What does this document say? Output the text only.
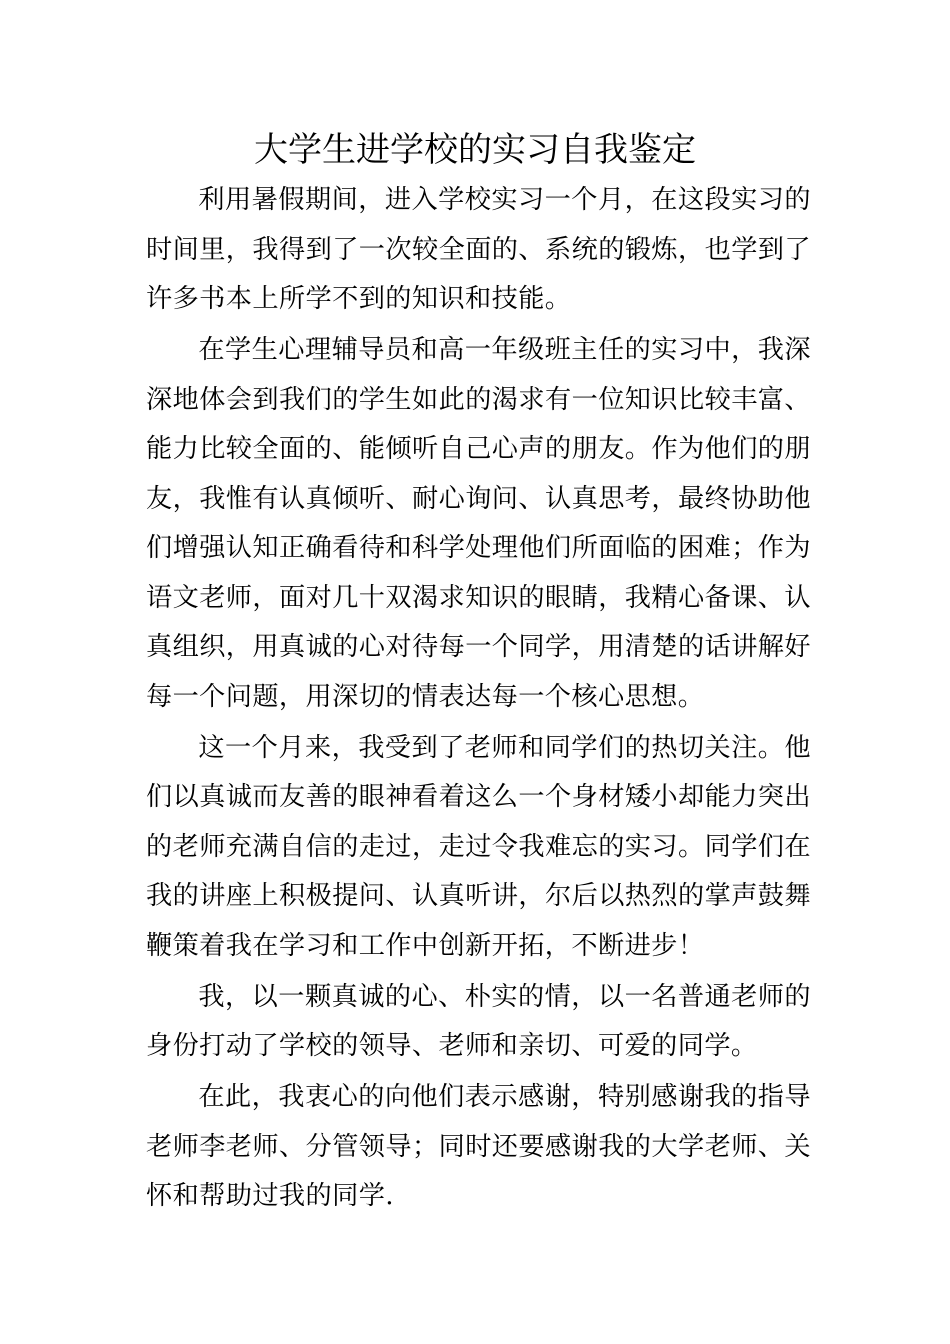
大学生进学校的实习自我鉴定

利用暑假期间，进入学校实习一个月，在这段实习的时间里，我得到了一次较全面的、系统的锻炼，也学到了许多书本上所学不到的知识和技能。

在学生心理辅导员和高一年级班主任的实习中，我深深地体会到我们的学生如此的渴求有一位知识比较丰富、能力比较全面的、能倾听自己心声的朋友。作为他们的朋友，我惟有认真倾听、耐心询问、认真思考，最终协助他们增强认知正确看待和科学处理他们所面临的困难；作为语文老师，面对几十双渴求知识的眼睛，我精心备课、认真组织，用真诚的心对待每一个同学，用清楚的话讲解好每一个问题，用深切的情表达每一个核心思想。

这一个月来，我受到了老师和同学们的热切关注。他们以真诚而友善的眼神看着这么一个身材矮小却能力突出的老师充满自信的走过，走过令我难忘的实习。同学们在我的讲座上积极提问、认真听讲，尔后以热烈的掌声鼓舞鞭策着我在学习和工作中创新开拓，不断进步！

我，以一颗真诚的心、朴实的情，以一名普通老师的身份打动了学校的领导、老师和亲切、可爱的同学。

在此，我衷心的向他们表示感谢，特别感谢我的指导老师李老师、分管领导；同时还要感谢我的大学老师、关怀和帮助过我的同学.
